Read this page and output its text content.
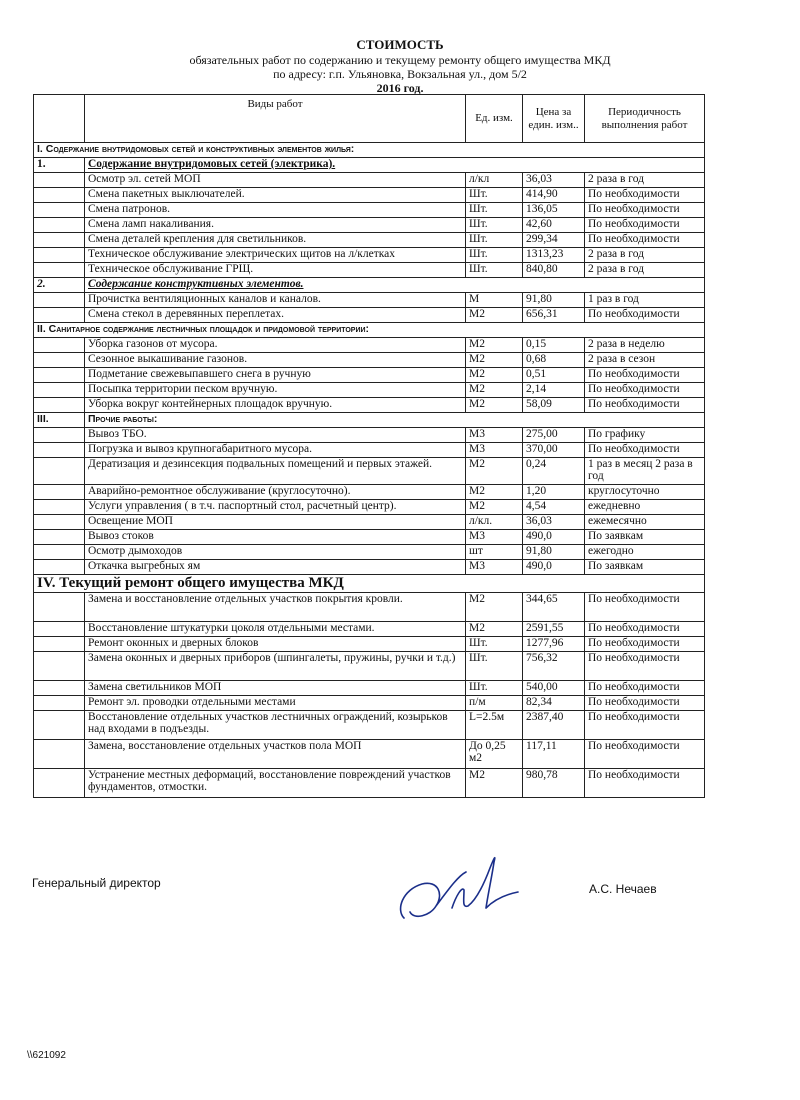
СТОИМОСТЬ
обязательных работ по содержанию и текущему ремонту общего имущества МКД
по адресу: г.п. Ульяновка, Вокзальная ул., дом 5/2
2016 год.
	Виды работ	Ед. изм.	Цена за един. изм..	Периодичность выполнения работ
I. Содержание внутридомовых сетей и конструктивных элементов жилья:				
1.	Содержание внутридомовых сетей (электрика).			
	Осмотр эл. сетей МОП	л/кл	36,03	2 раза в год
	Смена пакетных выключателей.	Шт.	414,90	По необходимости
	Смена патронов.	Шт.	136,05	По необходимости
	Смена ламп накаливания.	Шт.	42,60	По необходимости
	Смена деталей крепления для светильников.	Шт.	299,34	По необходимости
	Техническое обслуживание электрических щитов на л/клетках	Шт.	1313,23	2 раза в год
	Техническое обслуживание ГРЩ.	Шт.	840,80	2 раза в год
2.	Содержание конструктивных элементов.			
	Прочистка вентиляционных каналов и каналов.	М	91,80	1 раз в год
	Смена стекол в деревянных переплетах.	М2	656,31	По необходимости
II. Санитарное содержание лестничных площадок и придомовой территории:				
	Уборка газонов от мусора.	М2	0,15	2 раза в неделю
	Сезонное выкашивание газонов.	М2	0,68	2 раза в сезон
	Подметание свежевыпавшего снега в ручную	М2	0,51	По необходимости
	Посыпка территории песком вручную.	М2	2,14	По необходимости
	Уборка вокруг контейнерных площадок вручную.	М2	58,09	По необходимости
III.	Прочие работы:			
	Вывоз ТБО.	М3	275,00	По графику
	Погрузка и вывоз крупногабаритного мусора.	М3	370,00	По необходимости
	Дератизация и дезинсекция подвальных помещений и первых этажей.	М2	0,24	1 раз в месяц 2 раза в год
	Аварийно-ремонтное обслуживание (круглосуточно).	М2	1,20	круглосуточно
	Услуги управления ( в т.ч. паспортный стол, расчетный центр).	М2	4,54	ежедневно
	Освещение МОП	л/кл.	36,03	ежемесячно
	Вывоз стоков	М3	490,0	По заявкам
	Осмотр дымоходов	шт	91,80	ежегодно
	Откачка выгребных ям	М3	490,0	По заявкам
IV. Текущий ремонт общего имущества МКД				
	Замена и восстановление отдельных участков покрытия кровли.	М2	344,65	По необходимости
	Восстановление штукатурки цоколя отдельными местами.	М2	2591,55	По необходимости
	Ремонт оконных и дверных блоков	Шт.	1277,96	По необходимости
	Замена оконных и дверных приборов (шпингалеты, пружины, ручки и т.д.)	Шт.	756,32	По необходимости
	Замена светильников МОП	Шт.	540,00	По необходимости
	Ремонт эл. проводки отдельными местами	п/м	82,34	По необходимости
	Восстановление отдельных участков лестничных ограждений, козырьков над входами в подъезды.	L=2.5м	2387,40	По необходимости
	Замена, восстановление отдельных участков пола МОП	До 0,25 м2	117,11	По необходимости
	Устранение местных деформаций, восстановление повреждений участков фундаментов, отмостки.	М2	980,78	По необходимости
Генеральный директор	А.С. Нечаев
\\621092
